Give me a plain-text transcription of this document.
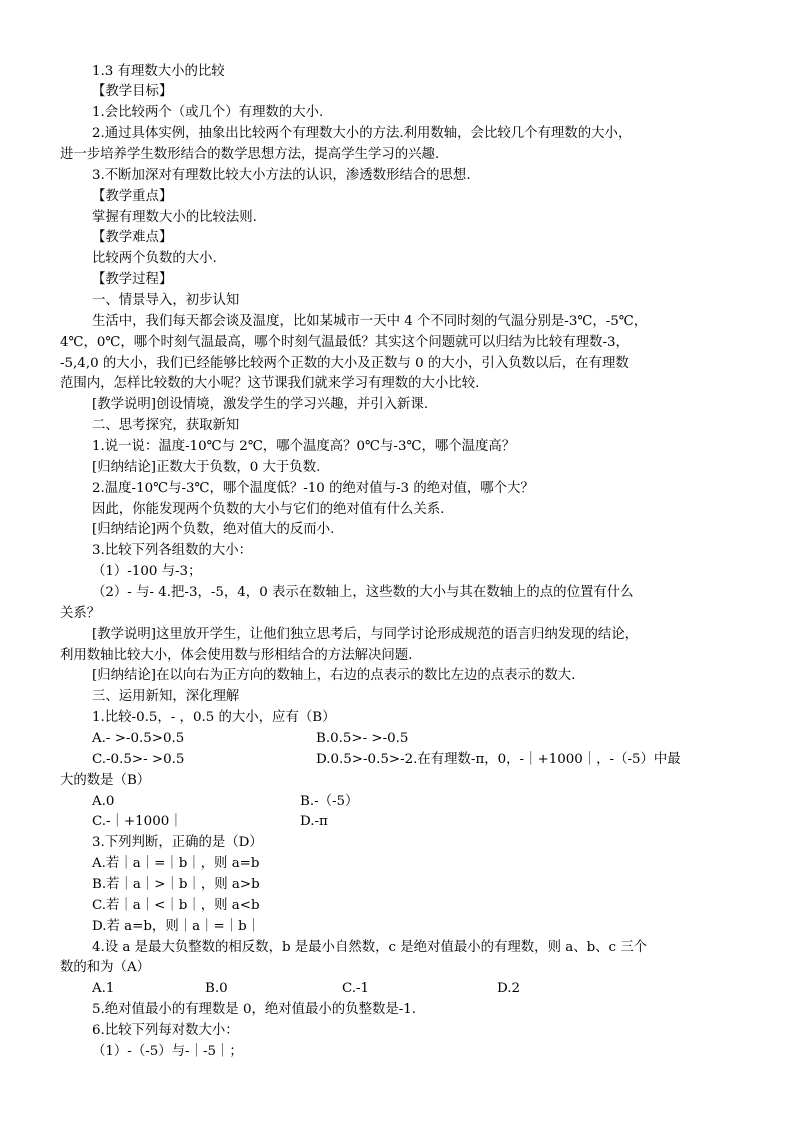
1.3 有理数大小的比较
【教学目标】
1.会比较两个（或几个）有理数的大小.
2.通过具体实例，抽象出比较两个有理数大小的方法.利用数轴，会比较几个有理数的大小，
进一步培养学生数形结合的数学思想方法，提高学生学习的兴趣.
3.不断加深对有理数比较大小方法的认识，渗透数形结合的思想.
【教学重点】
掌握有理数大小的比较法则.
【教学难点】
比较两个负数的大小.
【教学过程】
一、情景导入，初步认知
生活中，我们每天都会谈及温度，比如某城市一天中 4 个不同时刻的气温分别是-3℃，-5℃，
4℃，0℃，哪个时刻气温最高，哪个时刻气温最低？其实这个问题就可以归结为比较有理数-3，
-5,4,0 的大小，我们已经能够比较两个正数的大小及正数与 0 的大小，引入负数以后，在有理数
范围内，怎样比较数的大小呢？这节课我们就来学习有理数的大小比较.
[教学说明]创设情境，激发学生的学习兴趣，并引入新课.
二、思考探究，获取新知
1.说一说：温度-10℃与 2℃，哪个温度高？0℃与-3℃，哪个温度高？
[归纳结论]正数大于负数，0 大于负数.
2.温度-10℃与-3℃，哪个温度低？-10 的绝对值与-3 的绝对值，哪个大？
因此，你能发现两个负数的大小与它们的绝对值有什么关系.
[归纳结论]两个负数，绝对值大的反而小.
3.比较下列各组数的大小：
（1）-100 与-3；
（2）- 与- 4.把-3，-5，4，0 表示在数轴上，这些数的大小与其在数轴上的点的位置有什么
关系？
[教学说明]这里放开学生，让他们独立思考后，与同学讨论形成规范的语言归纳发现的结论，
利用数轴比较大小，体会使用数与形相结合的方法解决问题.
[归纳结论]在以向右为正方向的数轴上，右边的点表示的数比左边的点表示的数大.
三、运用新知，深化理解
1.比较-0.5，- ，0.5 的大小，应有（B）
A.- >-0.5>0.5	B.0.5>- >-0.5
C.-0.5>- >0.5	D.0.5>-0.5>-2.在有理数-π，0，-｜+1000｜，-（-5）中最
大的数是（B）
A.0	B.-（-5）
C.-｜+1000｜	D.-π
3.下列判断，正确的是（D）
A.若｜a｜=｜b｜，则 a=b
B.若｜a｜>｜b｜，则 a>b
C.若｜a｜<｜b｜，则 a<b
D.若 a=b，则｜a｜=｜b｜
4.设 a 是最大负整数的相反数，b 是最小自然数，c 是绝对值最小的有理数，则 a、b、c 三个
数的和为（A）
A.1	B.0	C.-1	D.2
5.绝对值最小的有理数是 0，绝对值最小的负整数是-1.
6.比较下列每对数大小：
（1）-（-5）与-｜-5｜；
